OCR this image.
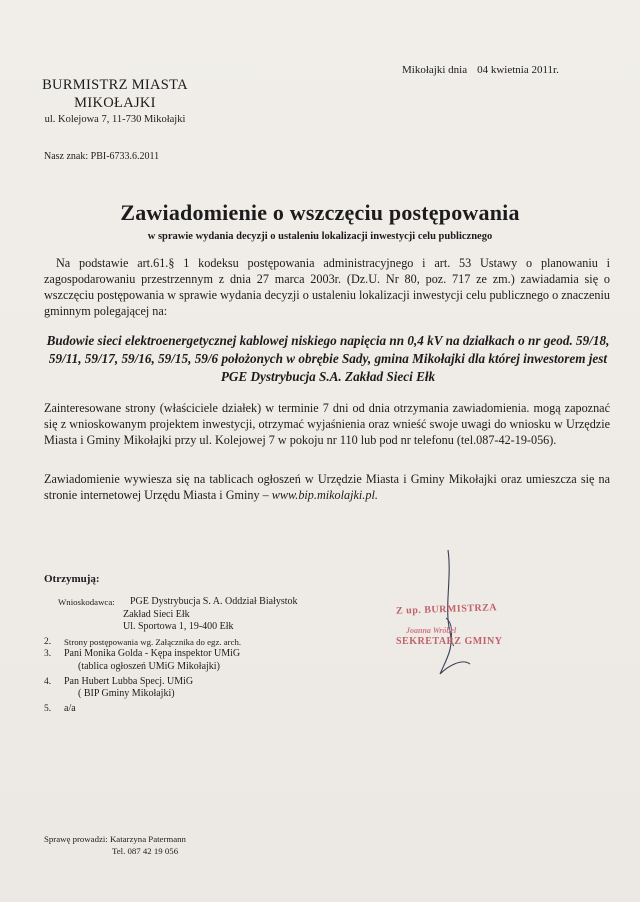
Mikołajki dnia 04 kwietnia 2011r.
BURMISTRZ MIASTA
MIKOŁAJKI
ul. Kolejowa 7, 11-730 Mikołajki
Nasz znak: PBI-6733.6.2011
Zawiadomienie o wszczęciu postępowania
w sprawie wydania decyzji o ustaleniu lokalizacji inwestycji celu publicznego
Na podstawie art.61.§ 1 kodeksu postępowania administracyjnego i art. 53 Ustawy o planowaniu i zagospodarowaniu przestrzennym z dnia 27 marca 2003r. (Dz.U. Nr 80, poz. 717 ze zm.) zawiadamia się o wszczęciu postępowania w sprawie wydania decyzji o ustaleniu lokalizacji inwestycji celu publicznego o znaczeniu gminnym polegającej na:
Budowie sieci elektroenergetycznej kablowej niskiego napięcia nn 0,4 kV na działkach o nr geod. 59/18, 59/11, 59/17, 59/16, 59/15, 59/6 położonych w obrębie Sady, gmina Mikołajki dla której inwestorem jest PGE Dystrybucja S.A. Zakład Sieci Ełk
Zainteresowane strony (właściciele działek) w terminie 7 dni od dnia otrzymania zawiadomienia. mogą zapoznać się z wnioskowanym projektem inwestycji, otrzymać wyjaśnienia oraz wnieść swoje uwagi do wniosku w Urzędzie Miasta i Gminy Mikołajki przy ul. Kolejowej 7 w pokoju nr 110 lub pod nr telefonu (tel.087-42-19-056).
Zawiadomienie wywiesza się na tablicach ogłoszeń w Urzędzie Miasta i Gminy Mikołajki oraz umieszcza się na stronie internetowej Urzędu Miasta i Gminy – www.bip.mikolajki.pl.
Otrzymują:
Wnioskodawca:	PGE Dystrybucja S. A. Oddział Białystok
Zakład Sieci Ełk
Ul. Sportowa 1, 19-400 Ełk
2.	Strony postępowania wg. Załącznika do egz. arch.
3.	Pani Monika Golda - Kępa inspektor UMiG
(tablica ogłoszeń UMiG Mikołajki)
4.	Pan Hubert Lubba Specj. UMiG
( BIP Gminy Mikołajki)
5.	a/a
Sprawę prowadzi: Katarzyna Patermann
Tel. 087 42 19 056
Z up. BURMISTRZA
Joanna Wróbel
SEKRETARZ GMINY
